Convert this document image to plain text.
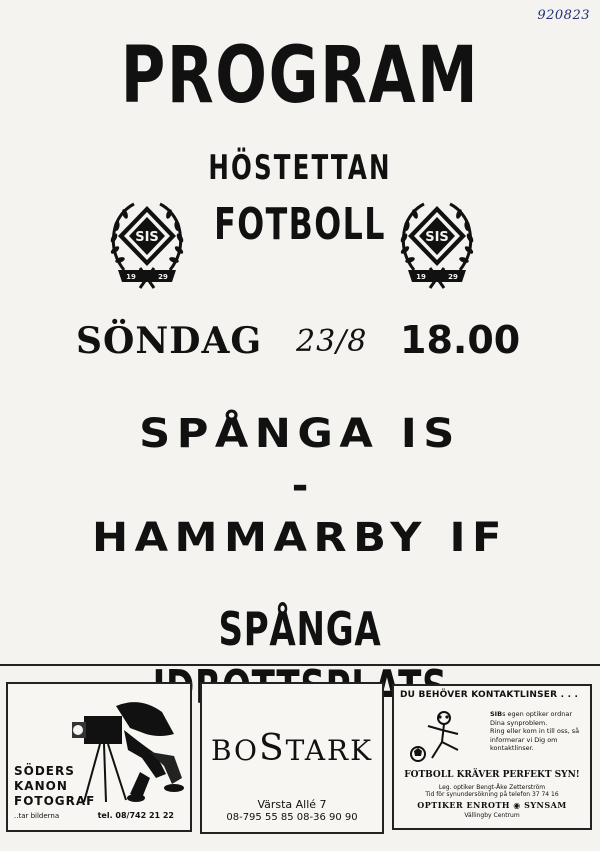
920823
PROGRAM
HÖSTETTAN
FOTBOLL
SIS
19	29
SIS
19	29
SÖNDAG 23/8 18.00
SPÅNGA IS
-
HAMMARBY IF
SPÅNGA
SÖDERS
KANON
FOTOGRAF
..tar bilderna	tel. 08/742 21 22
BOSTARK
Värsta Allé 7
08-795 55 85 08-36 90 90
DU BEHÖVER KONTAKTLINSER . . .
SIBs egen optiker ordnar
Dina synproblem.
Ring eller kom in till oss, så
informerar vi Dig om
kontaktlinser.
FOTBOLL KRÄVER PERFEKT SYN!
Leg. optiker Bengt-Åke Zetterström
Tid för synundersökning på telefon 37 74 16
OPTIKER ENROTH ◉ SYNSAM
Vällingby Centrum
